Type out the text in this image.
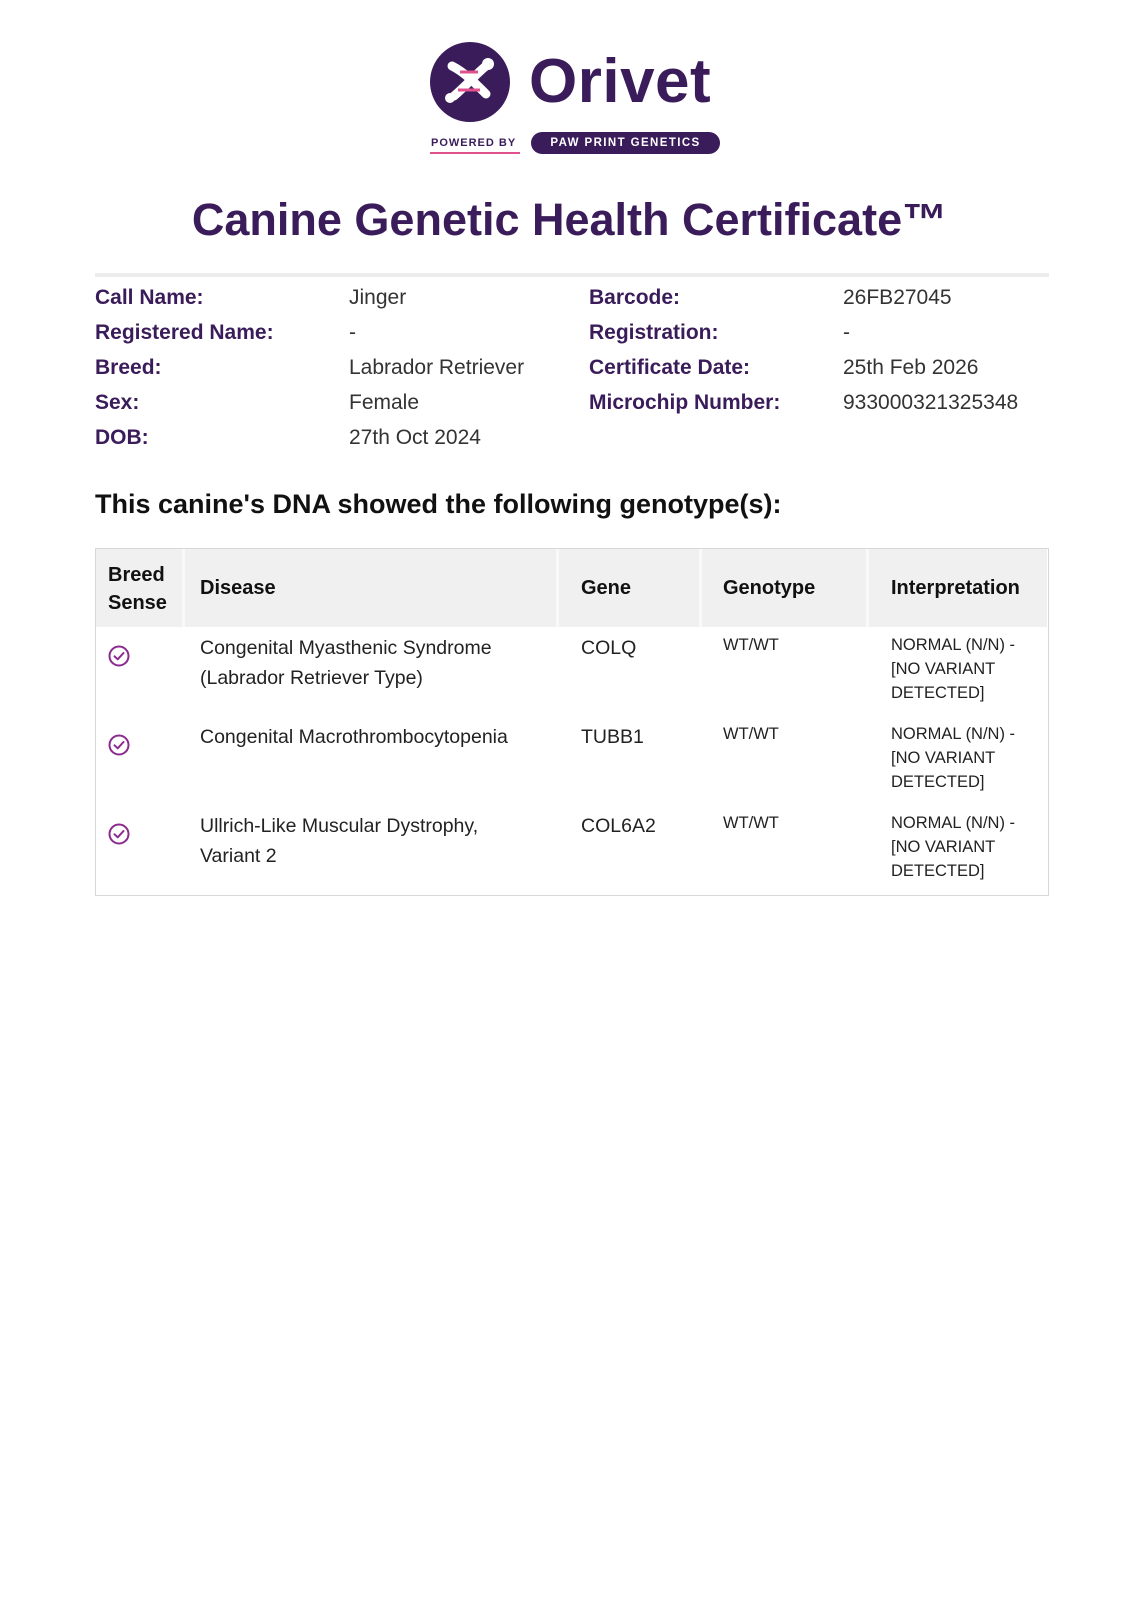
Orivet
POWERED BY	PAW PRINT GENETICS
Canine Genetic Health Certificate™
Call Name:	Jinger	Barcode:	26FB27045
Registered Name:	-	Registration:	-
Breed:	Labrador Retriever	Certificate Date:	25th Feb 2026
Sex:	Female	Microchip Number:	933000321325348
DOB:	27th Oct 2024
This canine's DNA showed the following genotype(s):
Breed
Sense
Disease	Gene	Genotype	Interpretation
Congenital Myasthenic Syndrome
(Labrador Retriever Type)
COLQ	WT/WT	NORMAL (N/N) -
[NO VARIANT
DETECTED]
Congenital Macrothrombocytopenia	TUBB1	WT/WT	NORMAL (N/N) -
[NO VARIANT
DETECTED]
Ullrich-Like Muscular Dystrophy,
Variant 2
COL6A2	WT/WT	NORMAL (N/N) -
[NO VARIANT
DETECTED]
